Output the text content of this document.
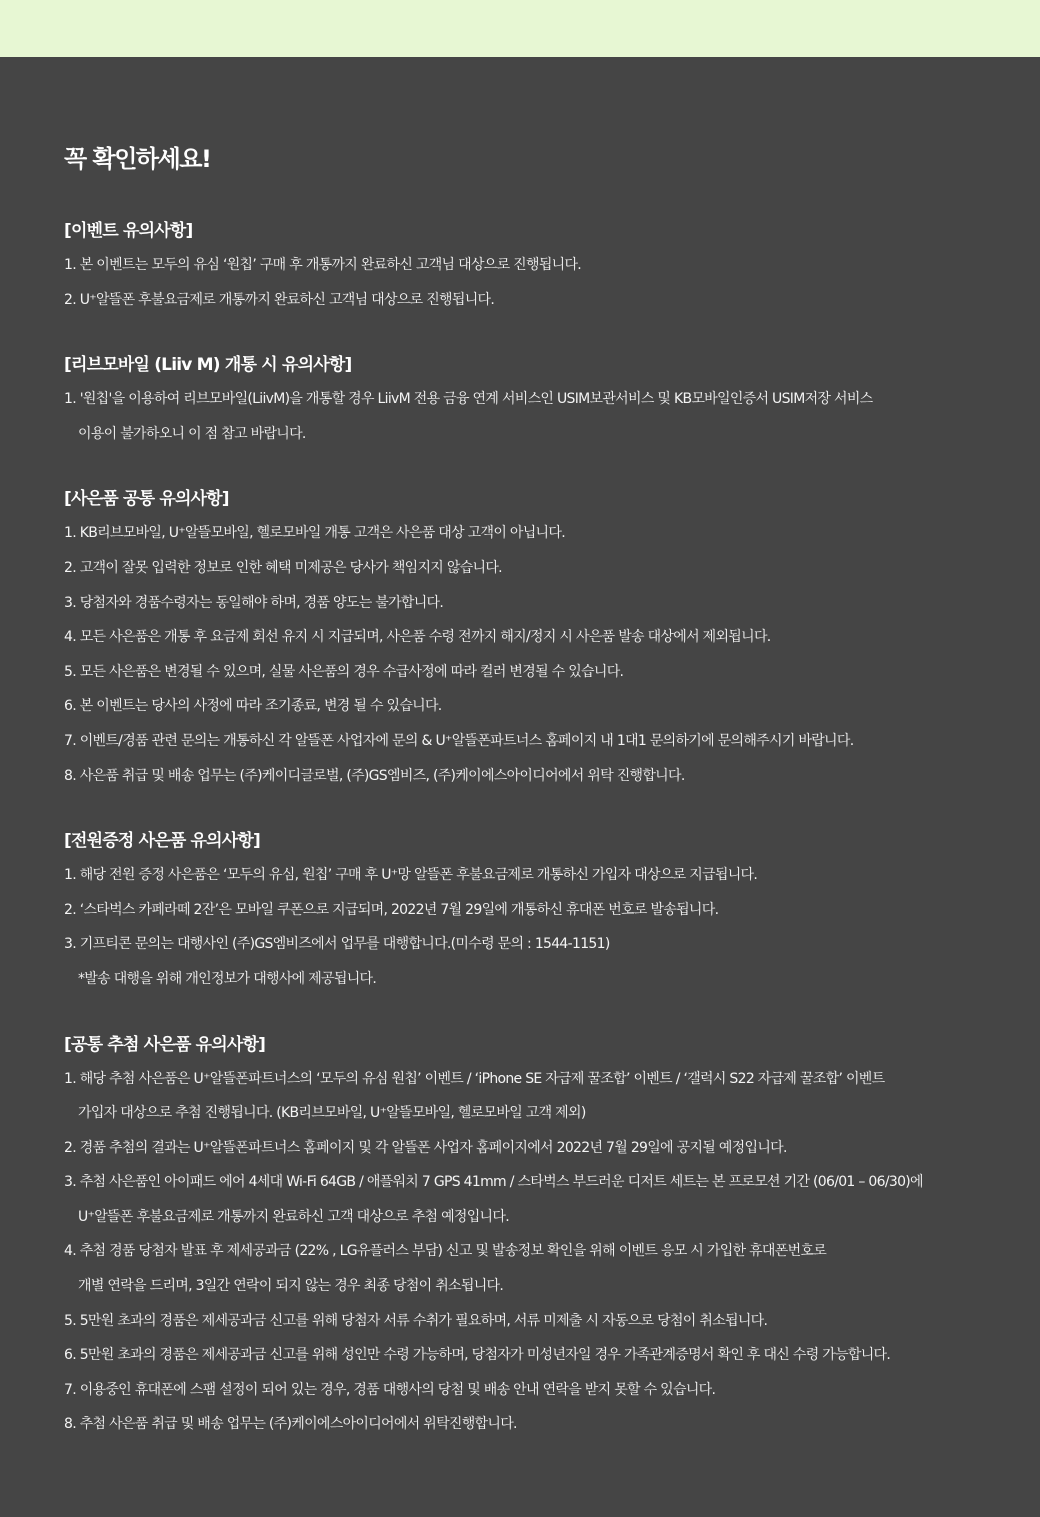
꼭 확인하세요!
[이벤트 유의사항]
1. 본 이벤트는 모두의 유심 ‘원칩’ 구매 후 개통까지 완료하신 고객님 대상으로 진행됩니다.
2. U⁺알뜰폰 후불요금제로 개통까지 완료하신 고객님 대상으로 진행됩니다.
[리브모바일 (Liiv M) 개통 시 유의사항]
1. '원칩'을 이용하여 리브모바일(LiivM)을 개통할 경우 LiivM 전용 금융 연계 서비스인 USIM보관서비스 및 KB모바일인증서 USIM저장 서비스
이용이 불가하오니 이 점 참고 바랍니다.
[사은품 공통 유의사항]
1. KB리브모바일, U⁺알뜰모바일, 헬로모바일 개통 고객은 사은품 대상 고객이 아닙니다.
2. 고객이 잘못 입력한 정보로 인한 혜택 미제공은 당사가 책임지지 않습니다.
3. 당첨자와 경품수령자는 동일해야 하며, 경품 양도는 불가합니다.
4. 모든 사은품은 개통 후 요금제 회선 유지 시 지급되며, 사은품 수령 전까지 해지/정지 시 사은품 발송 대상에서 제외됩니다.
5. 모든 사은품은 변경될 수 있으며, 실물 사은품의 경우 수급사정에 따라 컬러 변경될 수 있습니다.
6. 본 이벤트는 당사의 사정에 따라 조기종료, 변경 될 수 있습니다.
7. 이벤트/경품 관련 문의는 개통하신 각 알뜰폰 사업자에 문의 & U⁺알뜰폰파트너스 홈페이지 내 1대1 문의하기에 문의해주시기 바랍니다.
8. 사은품 취급 및 배송 업무는 (주)케이디글로벌, (주)GS엠비즈, (주)케이에스아이디어에서 위탁 진행합니다.
[전원증정 사은품 유의사항]
1. 해당 전원 증정 사은품은 ‘모두의 유심, 원칩’ 구매 후 U⁺망 알뜰폰 후불요금제로 개통하신 가입자 대상으로 지급됩니다.
2. ‘스타벅스 카페라떼 2잔’은 모바일 쿠폰으로 지급되며, 2022년 7월 29일에 개통하신 휴대폰 번호로 발송됩니다.
3. 기프티콘 문의는 대행사인 (주)GS엠비즈에서 업무를 대행합니다.(미수령 문의 : 1544-1151)
*발송 대행을 위해 개인정보가 대행사에 제공됩니다.
[공통 추첨 사은품 유의사항]
1. 해당 추첨 사은품은 U⁺알뜰폰파트너스의 ‘모두의 유심 원칩’ 이벤트 / ‘iPhone SE 자급제 꿀조합’ 이벤트 / ‘갤럭시 S22 자급제 꿀조합’ 이벤트
가입자 대상으로 추첨 진행됩니다. (KB리브모바일, U⁺알뜰모바일, 헬로모바일 고객 제외)
2. 경품 추첨의 결과는 U⁺알뜰폰파트너스 홈페이지 및 각 알뜰폰 사업자 홈페이지에서 2022년 7월 29일에 공지될 예정입니다.
3. 추첨 사은품인 아이패드 에어 4세대 Wi-Fi 64GB / 애플워치 7 GPS 41mm / 스타벅스 부드러운 디저트 세트는 본 프로모션 기간 (06/01 – 06/30)에
U⁺알뜰폰 후불요금제로 개통까지 완료하신 고객 대상으로 추첨 예정입니다.
4. 추첨 경품 당첨자 발표 후 제세공과금 (22% , LG유플러스 부담) 신고 및 발송정보 확인을 위해 이벤트 응모 시 가입한 휴대폰번호로
개별 연락을 드리며, 3일간 연락이 되지 않는 경우 최종 당첨이 취소됩니다.
5. 5만원 초과의 경품은 제세공과금 신고를 위해 당첨자 서류 수취가 필요하며, 서류 미제출 시 자동으로 당첨이 취소됩니다.
6. 5만원 초과의 경품은 제세공과금 신고를 위해 성인만 수령 가능하며, 당첨자가 미성년자일 경우 가족관계증명서 확인 후 대신 수령 가능합니다.
7. 이용중인 휴대폰에 스팸 설정이 되어 있는 경우, 경품 대행사의 당첨 및 배송 안내 연락을 받지 못할 수 있습니다.
8. 추첨 사은품 취급 및 배송 업무는 (주)케이에스아이디어에서 위탁진행합니다.
